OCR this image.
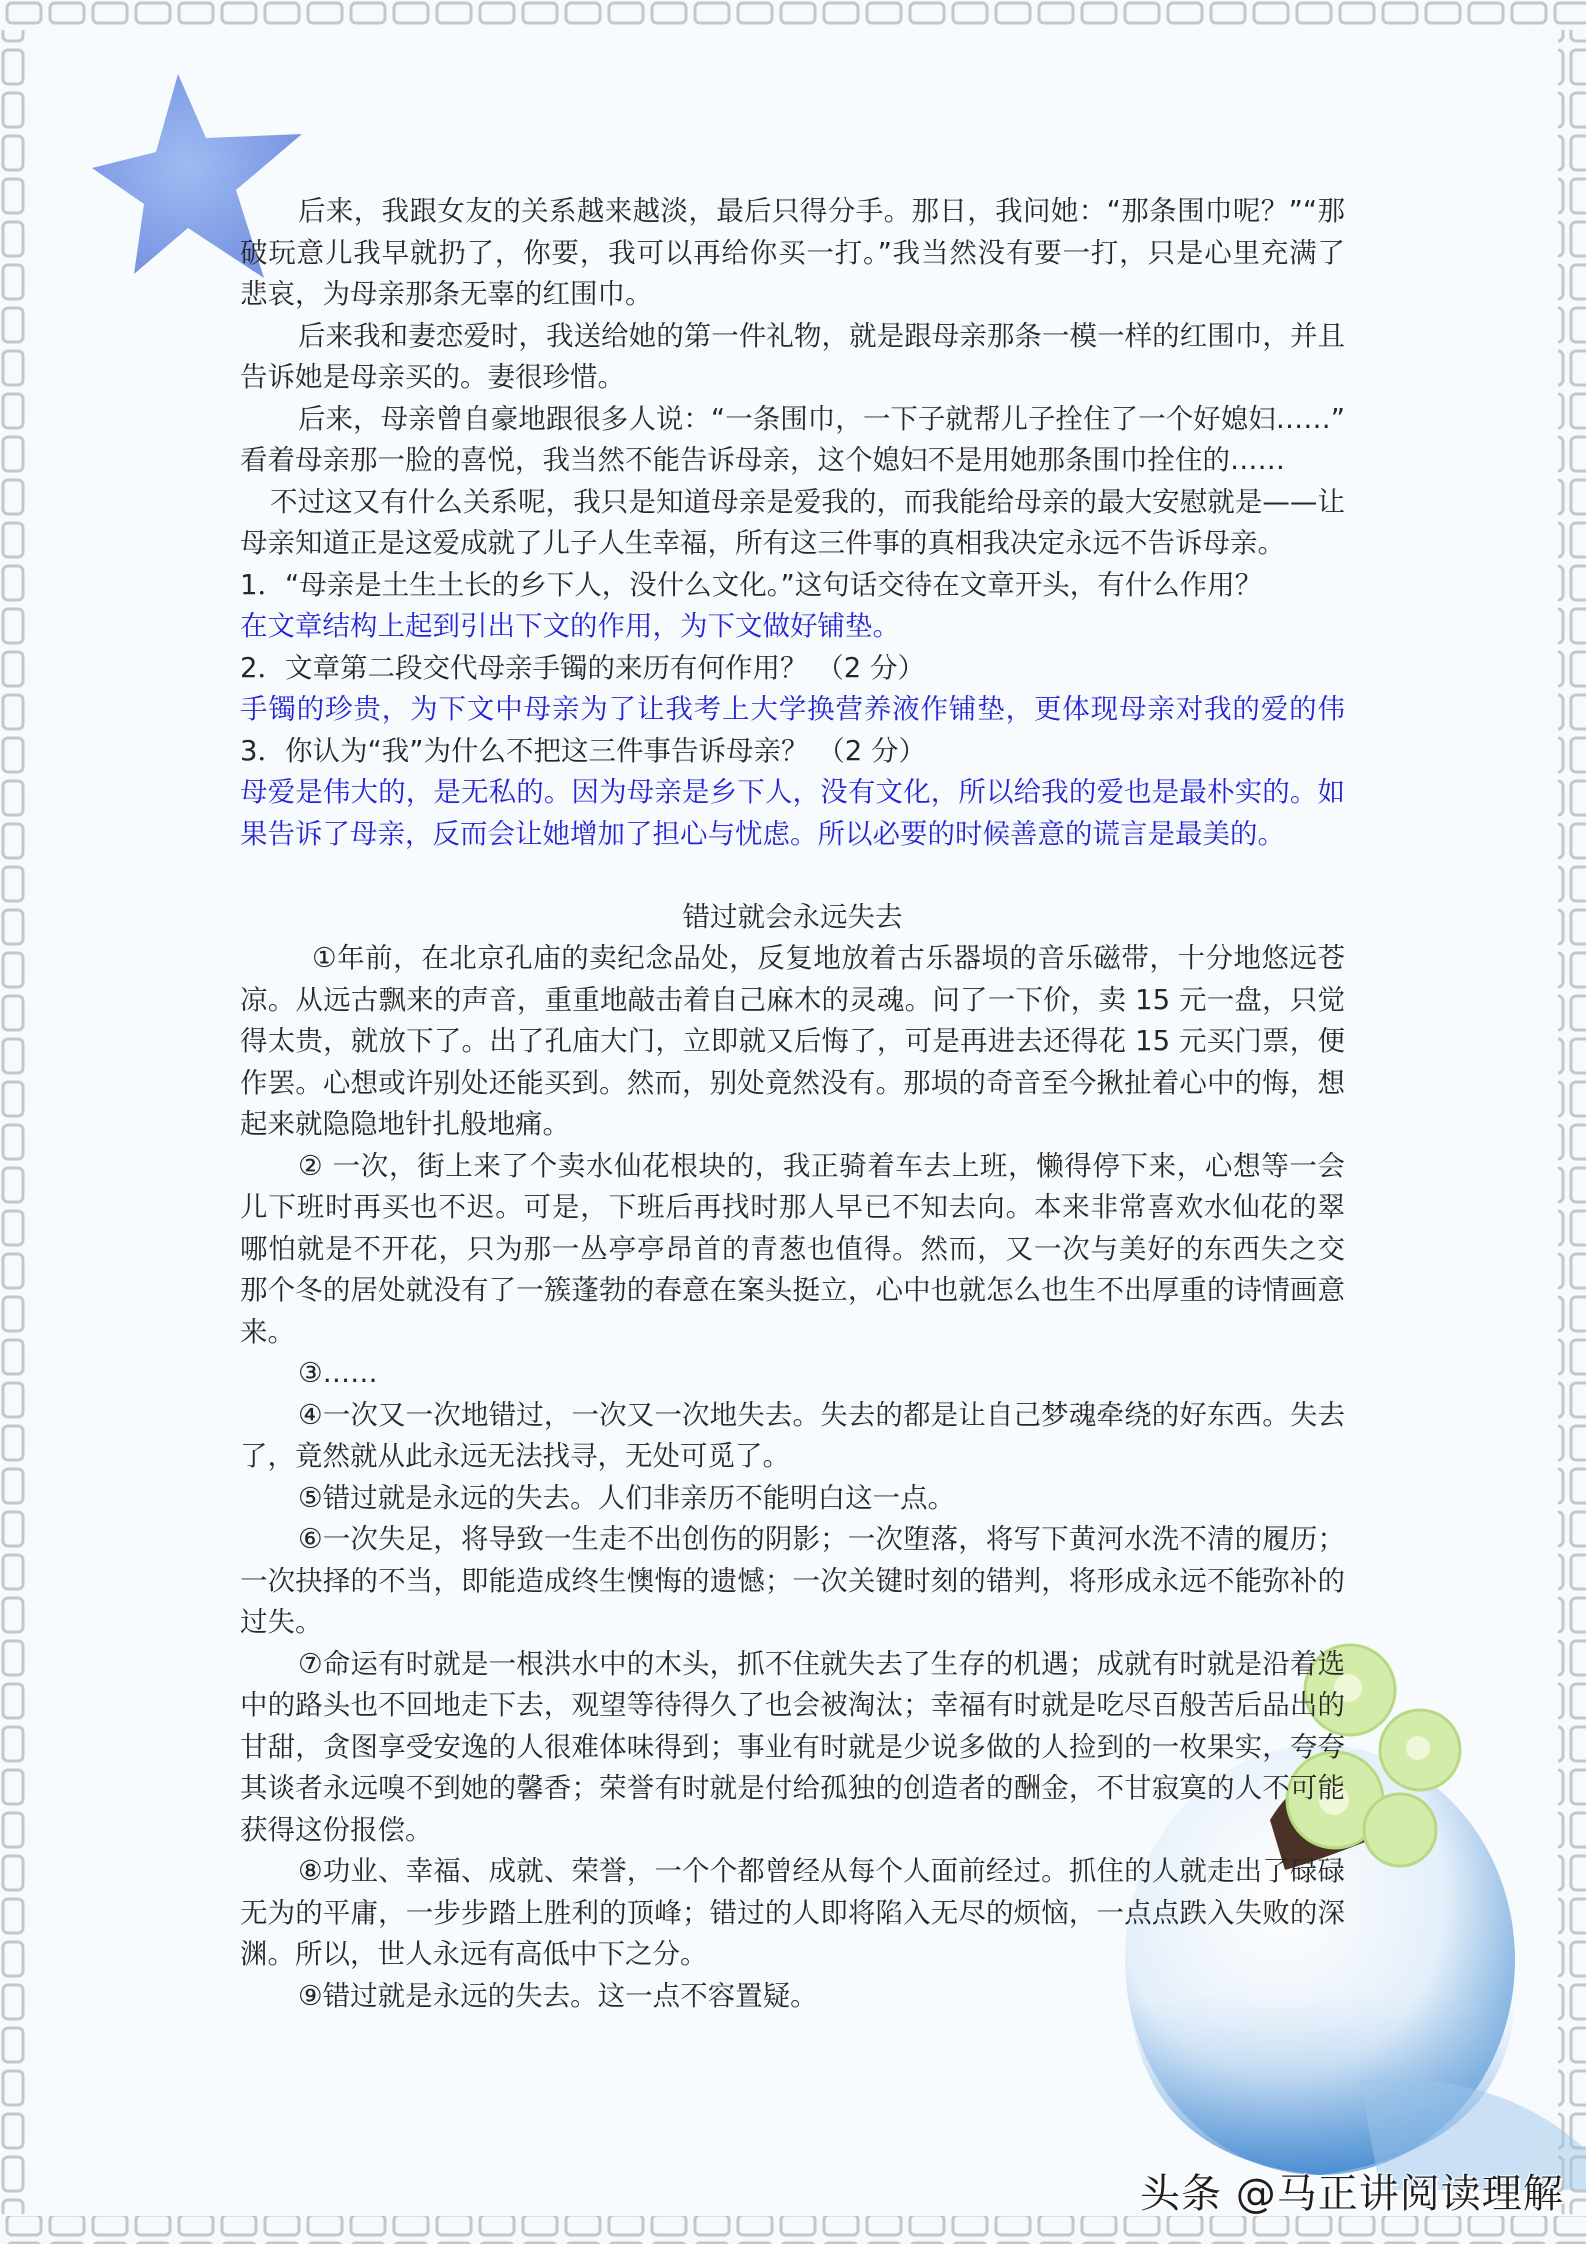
后来，我跟女友的关系越来越淡，最后只得分手。那日，我问她：“那条围巾呢？”“那
破玩意儿我早就扔了，你要，我可以再给你买一打。”我当然没有要一打，只是心里充满了
悲哀，为母亲那条无辜的红围巾。
后来我和妻恋爱时，我送给她的第一件礼物，就是跟母亲那条一模一样的红围巾，并且
告诉她是母亲买的。妻很珍惜。
后来，母亲曾自豪地跟很多人说：“一条围巾，一下子就帮儿子拴住了一个好媳妇……”
看着母亲那一脸的喜悦，我当然不能告诉母亲，这个媳妇不是用她那条围巾拴住的……
不过这又有什么关系呢，我只是知道母亲是爱我的，而我能给母亲的最大安慰就是——让
母亲知道正是这爱成就了儿子人生幸福，所有这三件事的真相我决定永远不告诉母亲。
1．“母亲是土生土长的乡下人，没什么文化。”这句话交待在文章开头，有什么作用？
在文章结构上起到引出下文的作用，为下文做好铺垫。
2．文章第二段交代母亲手镯的来历有何作用？ （2 分）
手镯的珍贵，为下文中母亲为了让我考上大学换营养液作铺垫，更体现母亲对我的爱的伟
3．你认为“我”为什么不把这三件事告诉母亲？ （2 分）
母爱是伟大的，是无私的。因为母亲是乡下人，没有文化，所以给我的爱也是最朴实的。如
果告诉了母亲，反而会让她增加了担心与忧虑。所以必要的时候善意的谎言是最美的。
错过就会永远失去
①年前，在北京孔庙的卖纪念品处，反复地放着古乐器埙的音乐磁带，十分地悠远苍
凉。从远古飘来的声音，重重地敲击着自己麻木的灵魂。问了一下价，卖 15 元一盘，只觉
得太贵，就放下了。出了孔庙大门，立即就又后悔了，可是再进去还得花 15 元买门票，便
作罢。心想或许别处还能买到。然而，别处竟然没有。那埙的奇音至今揪扯着心中的悔，想
起来就隐隐地针扎般地痛。
② 一次，街上来了个卖水仙花根块的，我正骑着车去上班，懒得停下来，心想等一会
儿下班时再买也不迟。可是，下班后再找时那人早已不知去向。本来非常喜欢水仙花的翠
哪怕就是不开花，只为那一丛亭亭昂首的青葱也值得。然而，又一次与美好的东西失之交
那个冬的居处就没有了一簇蓬勃的春意在案头挺立，心中也就怎么也生不出厚重的诗情画意
来。
③……
④一次又一次地错过，一次又一次地失去。失去的都是让自己梦魂牵绕的好东西。失去
了，竟然就从此永远无法找寻，无处可觅了。
⑤错过就是永远的失去。人们非亲历不能明白这一点。
⑥一次失足，将导致一生走不出创伤的阴影；一次堕落，将写下黄河水洗不清的履历；
一次抉择的不当，即能造成终生懊悔的遗憾；一次关键时刻的错判，将形成永远不能弥补的
过失。
⑦命运有时就是一根洪水中的木头，抓不住就失去了生存的机遇；成就有时就是沿着选
中的路头也不回地走下去，观望等待得久了也会被淘汰；幸福有时就是吃尽百般苦后品出的
甘甜，贪图享受安逸的人很难体味得到；事业有时就是少说多做的人捡到的一枚果实，夸夸
其谈者永远嗅不到她的馨香；荣誉有时就是付给孤独的创造者的酬金，不甘寂寞的人不可能
获得这份报偿。
⑧功业、幸福、成就、荣誉，一个个都曾经从每个人面前经过。抓住的人就走出了碌碌
无为的平庸，一步步踏上胜利的顶峰；错过的人即将陷入无尽的烦恼，一点点跌入失败的深
渊。所以，世人永远有高低中下之分。
⑨错过就是永远的失去。这一点不容置疑。
头条 @马正讲阅读理解
